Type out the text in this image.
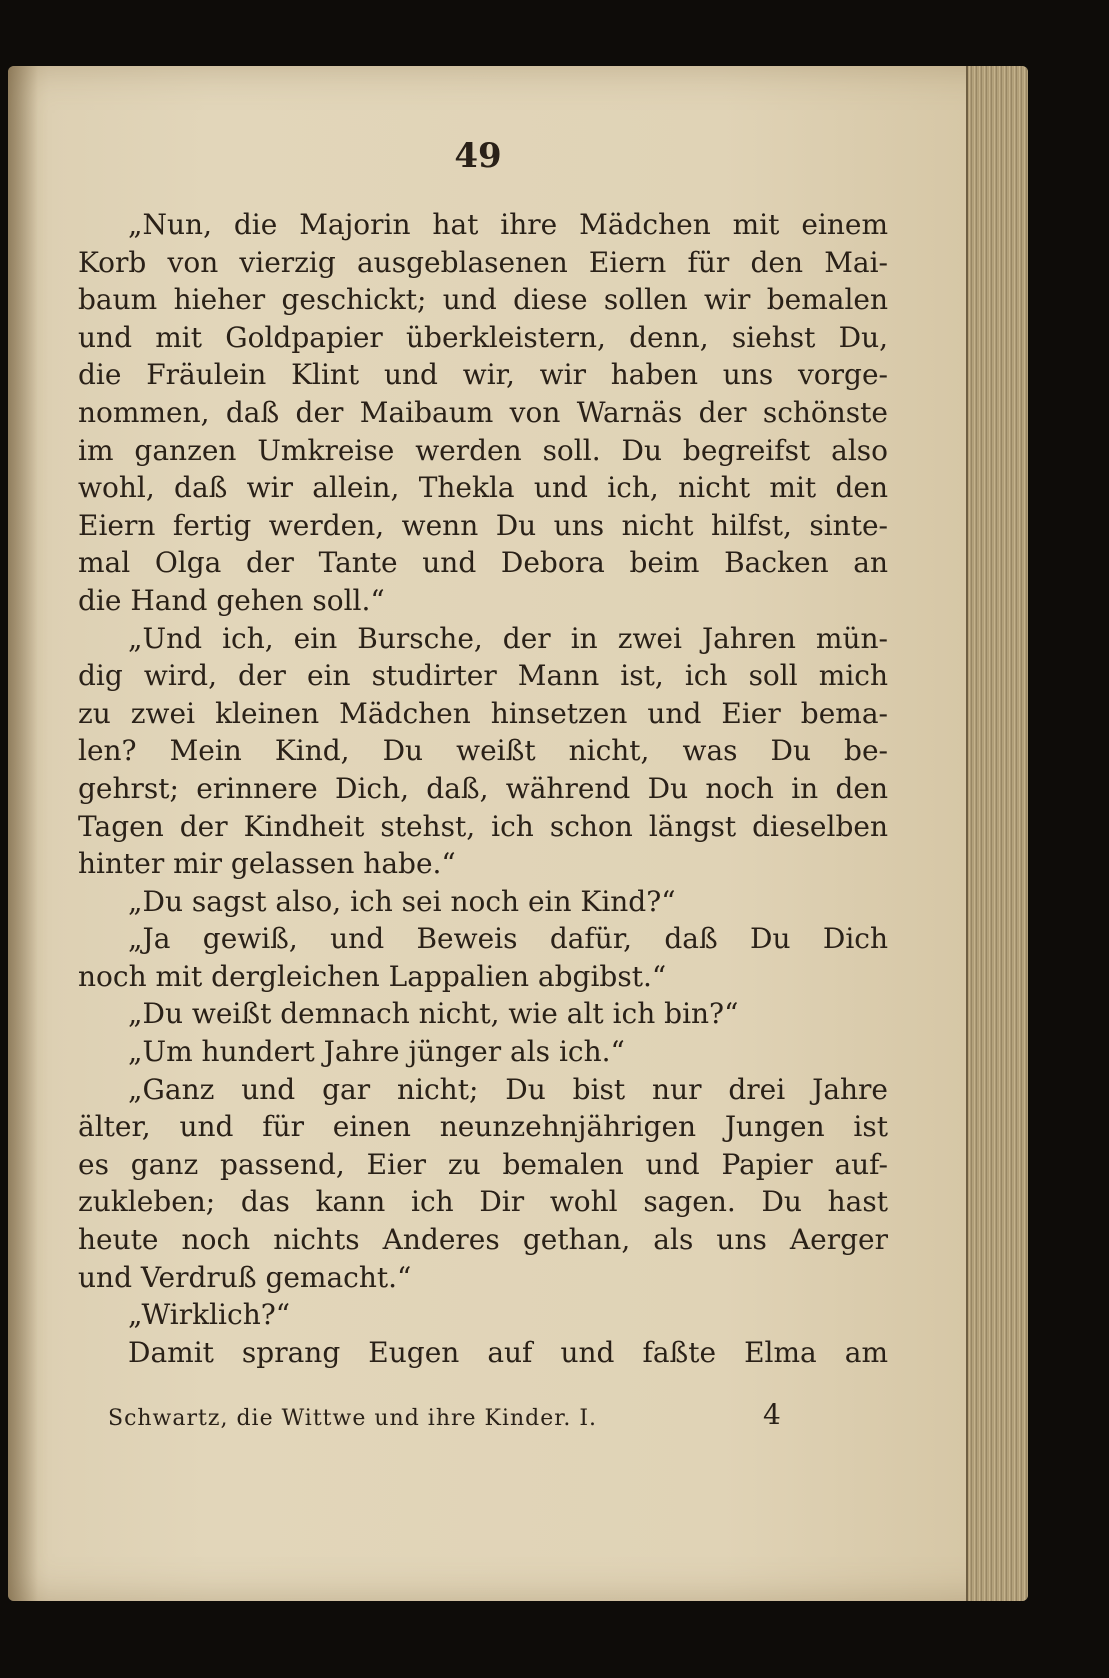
49
„Nun, die Majorin hat ihre Mädchen mit einem
Korb von vierzig ausgeblasenen Eiern für den Mai-
baum hieher geschickt; und diese sollen wir bemalen
und mit Goldpapier überkleistern, denn, siehst Du,
die Fräulein Klint und wir, wir haben uns vorge-
nommen, daß der Maibaum von Warnäs der schönste
im ganzen Umkreise werden soll. Du begreifst also
wohl, daß wir allein, Thekla und ich, nicht mit den
Eiern fertig werden, wenn Du uns nicht hilfst, sinte-
mal Olga der Tante und Debora beim Backen an
die Hand gehen soll.“
„Und ich, ein Bursche, der in zwei Jahren mün-
dig wird, der ein studirter Mann ist, ich soll mich
zu zwei kleinen Mädchen hinsetzen und Eier bema-
len? Mein Kind, Du weißt nicht, was Du be-
gehrst; erinnere Dich, daß, während Du noch in den
Tagen der Kindheit stehst, ich schon längst dieselben
hinter mir gelassen habe.“
„Du sagst also, ich sei noch ein Kind?“
„Ja gewiß, und Beweis dafür, daß Du Dich
noch mit dergleichen Lappalien abgibst.“
„Du weißt demnach nicht, wie alt ich bin?“
„Um hundert Jahre jünger als ich.“
„Ganz und gar nicht; Du bist nur drei Jahre
älter, und für einen neunzehnjährigen Jungen ist
es ganz passend, Eier zu bemalen und Papier auf-
zukleben; das kann ich Dir wohl sagen. Du hast
heute noch nichts Anderes gethan, als uns Aerger
und Verdruß gemacht.“
„Wirklich?“
Damit sprang Eugen auf und faßte Elma am
Schwartz, die Wittwe und ihre Kinder. I.	4
